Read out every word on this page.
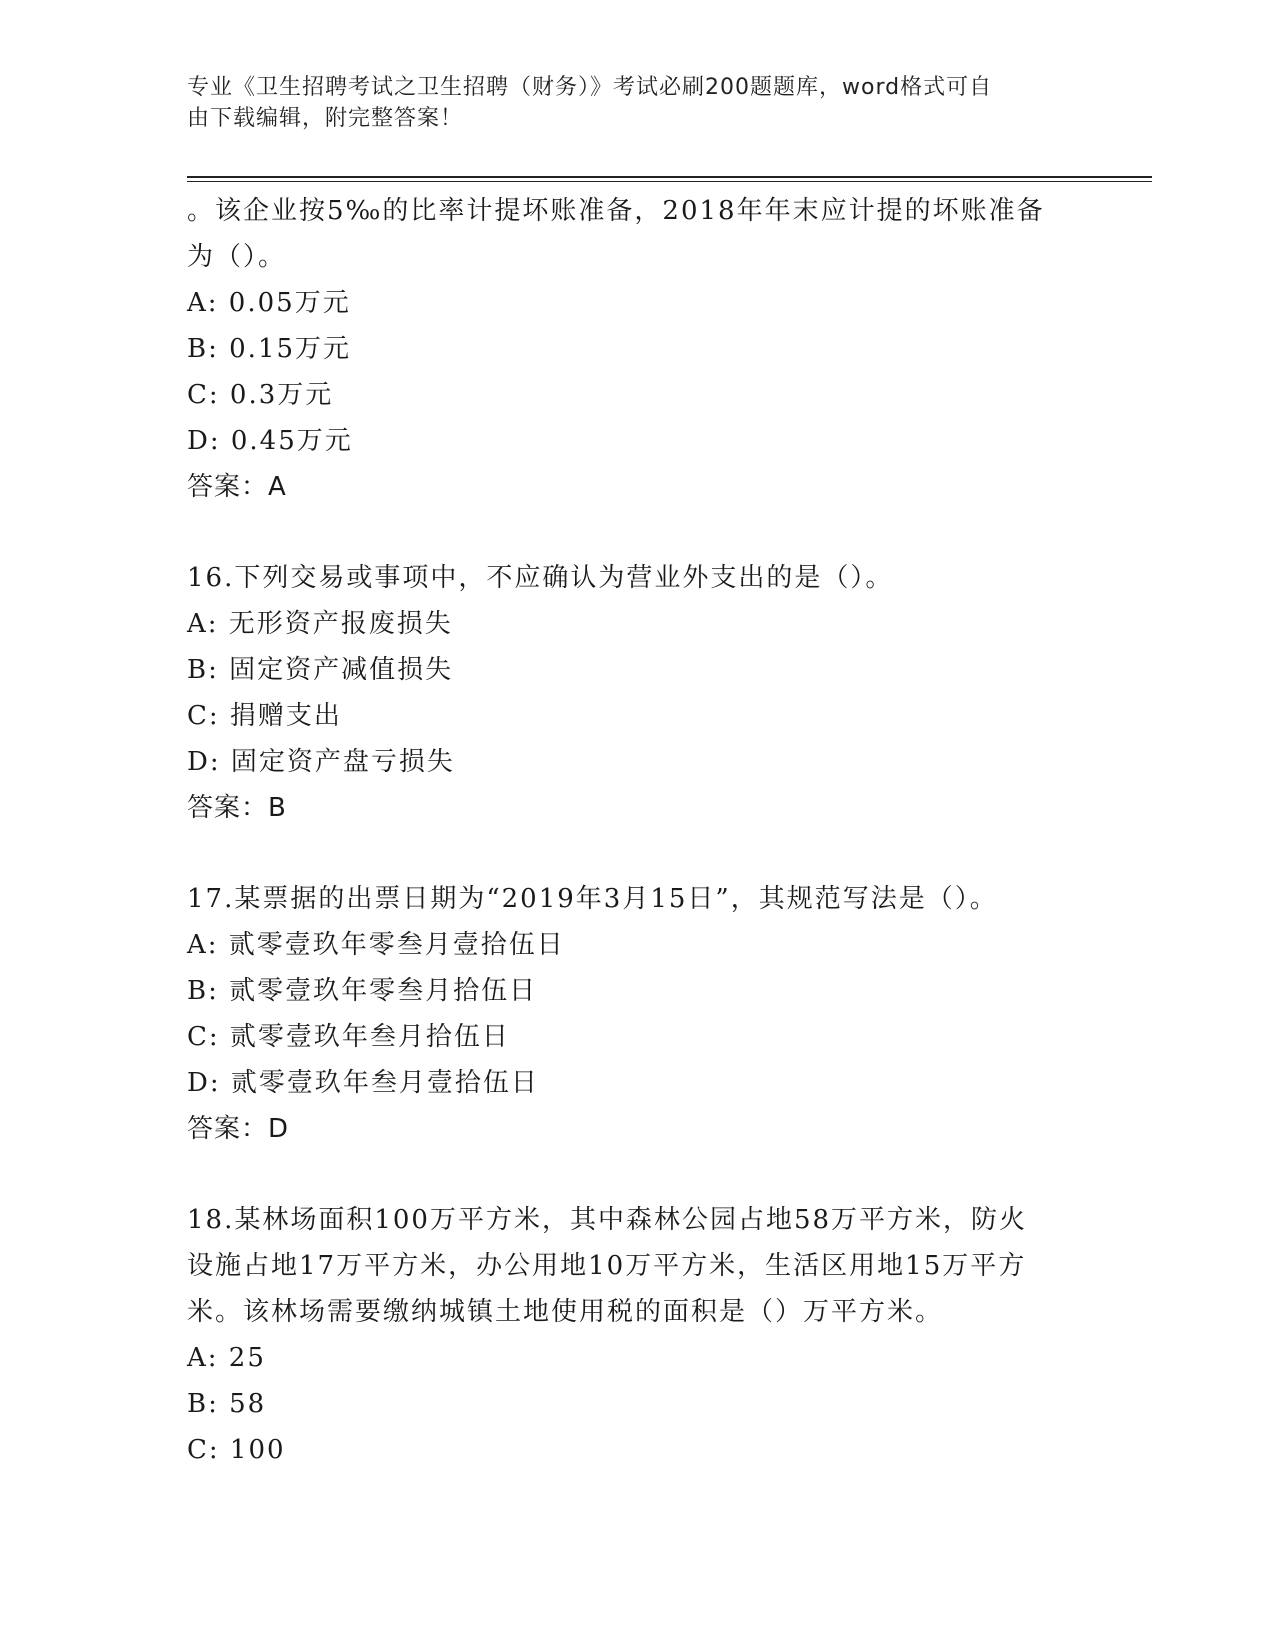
专业《卫生招聘考试之卫生招聘（财务）》考试必刷200题题库，word格式可自
由下载编辑，附完整答案！
。该企业按5‰的比率计提坏账准备，2018年年末应计提的坏账准备
为（）。
A: 0.05万元
B: 0.15万元
C: 0.3万元
D: 0.45万元
答案：A
16.下列交易或事项中，不应确认为营业外支出的是（）。
A: 无形资产报废损失
B: 固定资产减值损失
C: 捐赠支出
D: 固定资产盘亏损失
答案：B
17.某票据的出票日期为“2019年3月15日”，其规范写法是（）。
A: 贰零壹玖年零叁月壹拾伍日
B: 贰零壹玖年零叁月拾伍日
C: 贰零壹玖年叁月拾伍日
D: 贰零壹玖年叁月壹拾伍日
答案：D
18.某林场面积100万平方米，其中森林公园占地58万平方米，防火
设施占地17万平方米，办公用地10万平方米，生活区用地15万平方
米。该林场需要缴纳城镇土地使用税的面积是（）万平方米。
A: 25
B: 58
C: 100
